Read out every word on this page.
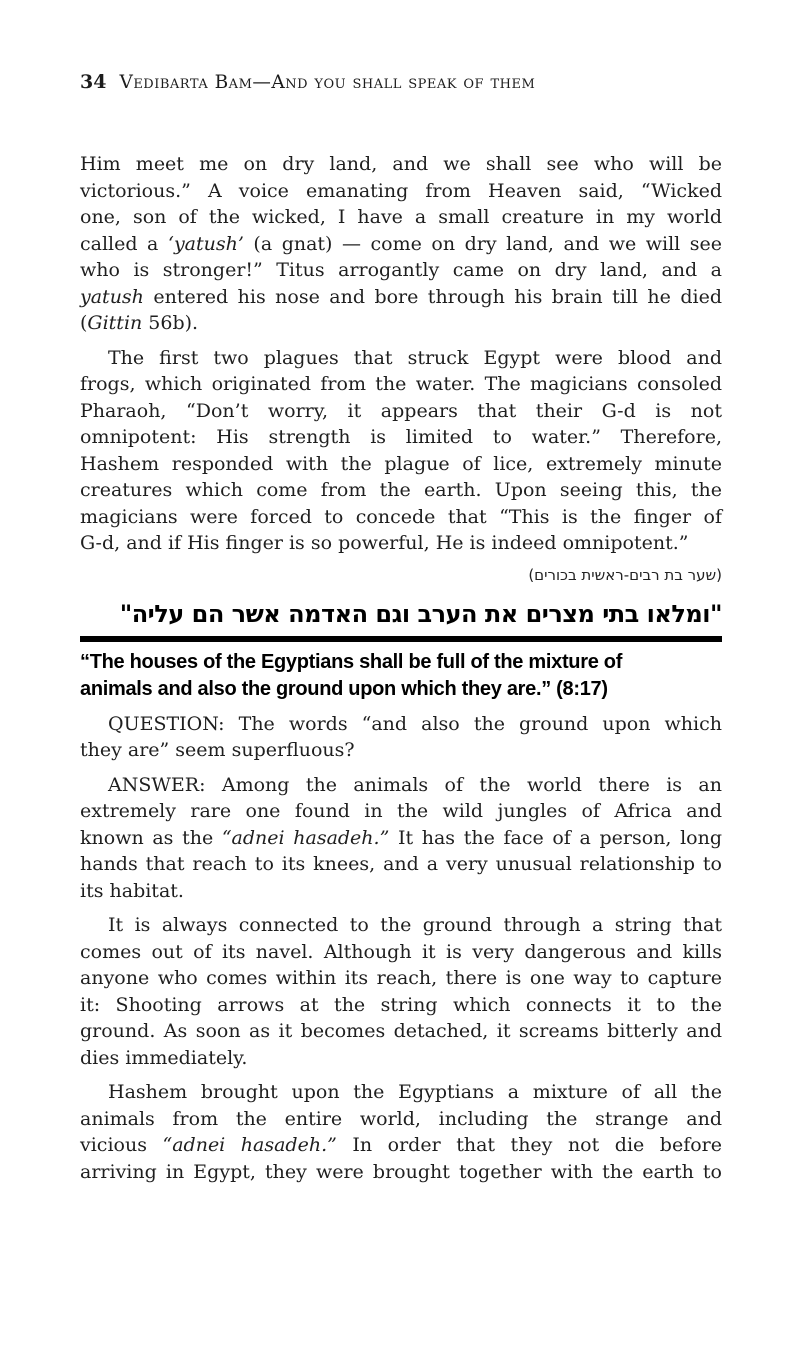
34 Vedibarta Bam—And you shall speak of them
Him meet me on dry land, and we shall see who will be
victorious.” A voice emanating from Heaven said, “Wicked
one, son of the wicked, I have a small creature in my world
called a ‘yatush’ (a gnat) — come on dry land, and we will see
who is stronger!” Titus arrogantly came on dry land, and a
yatush entered his nose and bore through his brain till he died
(Gittin 56b).
The first two plagues that struck Egypt were blood and
frogs, which originated from the water. The magicians consoled
Pharaoh, “Don’t worry, it appears that their G-d is not
omnipotent: His strength is limited to water.” Therefore,
Hashem responded with the plague of lice, extremely minute
creatures which come from the earth. Upon seeing this, the
magicians were forced to concede that “This is the finger of
G-d, and if His finger is so powerful, He is indeed omnipotent.”
(שער בת רבים-ראשית בכורים)
"ומלאו בתי מצרים את הערב וגם האדמה אשר הם עליה"
“The houses of the Egyptians shall be full of the mixture of
animals and also the ground upon which they are.” (8:17)
QUESTION: The words “and also the ground upon which
they are” seem superfluous?
ANSWER: Among the animals of the world there is an
extremely rare one found in the wild jungles of Africa and
known as the “adnei hasadeh.” It has the face of a person, long
hands that reach to its knees, and a very unusual relationship to
its habitat.
It is always connected to the ground through a string that
comes out of its navel. Although it is very dangerous and kills
anyone who comes within its reach, there is one way to capture
it: Shooting arrows at the string which connects it to the
ground. As soon as it becomes detached, it screams bitterly and
dies immediately.
Hashem brought upon the Egyptians a mixture of all the
animals from the entire world, including the strange and
vicious “adnei hasadeh.” In order that they not die before
arriving in Egypt, they were brought together with the earth to
